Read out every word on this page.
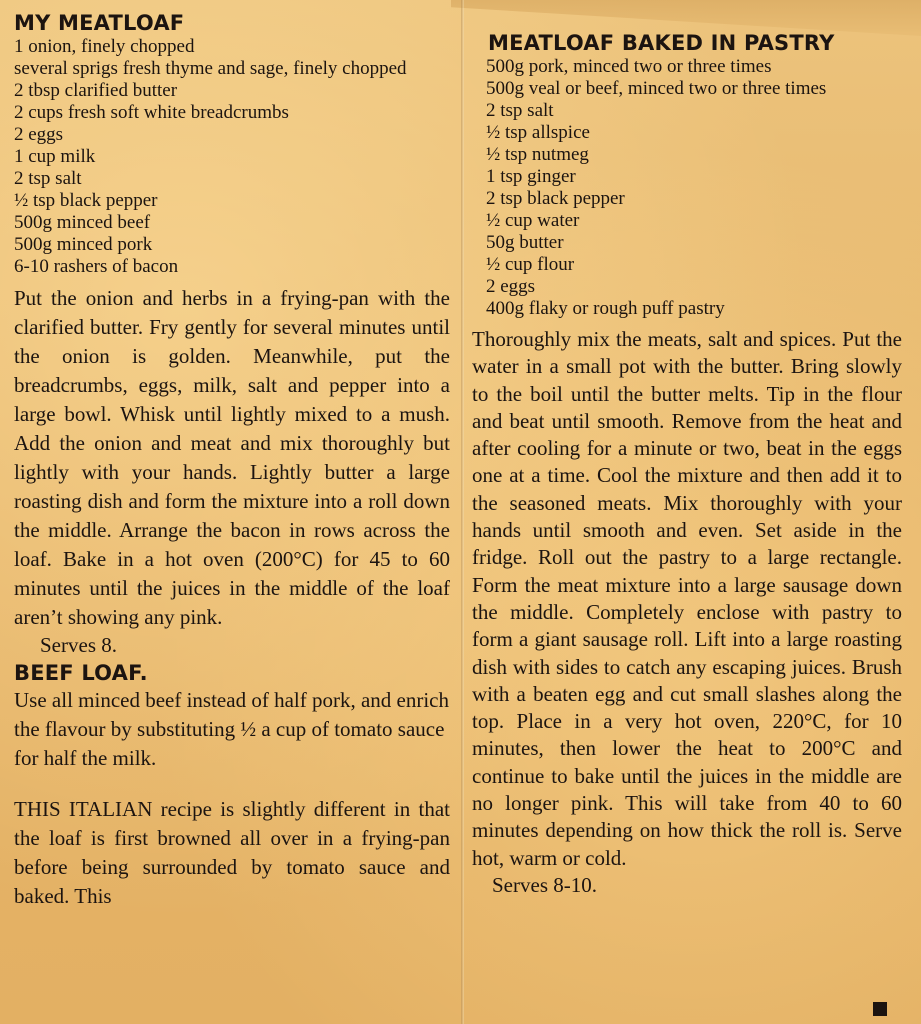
MY MEATLOAF
1 onion, finely chopped
several sprigs fresh thyme and sage, finely chopped
2 tbsp clarified butter
2 cups fresh soft white breadcrumbs
2 eggs
1 cup milk
2 tsp salt
½ tsp black pepper
500g minced beef
500g minced pork
6-10 rashers of bacon

Put the onion and herbs in a frying-pan with the clarified butter. Fry gently for several minutes until the onion is golden. Meanwhile, put the breadcrumbs, eggs, milk, salt and pepper into a large bowl. Whisk until lightly mixed to a mush. Add the onion and meat and mix thoroughly but lightly with your hands. Lightly butter a large roasting dish and form the mixture into a roll down the middle. Arrange the bacon in rows across the loaf. Bake in a hot oven (200°C) for 45 to 60 minutes until the juices in the middle of the loaf aren’t showing any pink.

Serves 8.

BEEF LOAF.

Use all minced beef instead of half pork, and enrich the flavour by substituting ½ a cup of tomato sauce for half the milk.

THIS ITALIAN recipe is slightly different in that the loaf is first browned all over in a frying-pan before being surrounded by tomato sauce and baked. This

MEATLOAF BAKED IN PASTRY
500g pork, minced two or three times
500g veal or beef, minced two or three times
2 tsp salt
½ tsp allspice
½ tsp nutmeg
1 tsp ginger
2 tsp black pepper
½ cup water
50g butter
½ cup flour
2 eggs
400g flaky or rough puff pastry

Thoroughly mix the meats, salt and spices. Put the water in a small pot with the butter. Bring slowly to the boil until the butter melts. Tip in the flour and beat until smooth. Remove from the heat and after cooling for a minute or two, beat in the eggs one at a time. Cool the mixture and then add it to the seasoned meats. Mix thoroughly with your hands until smooth and even. Set aside in the fridge. Roll out the pastry to a large rectangle. Form the meat mixture into a large sausage down the middle. Completely enclose with pastry to form a giant sausage roll. Lift into a large roasting dish with sides to catch any escaping juices. Brush with a beaten egg and cut small slashes along the top. Place in a very hot oven, 220°C, for 10 minutes, then lower the heat to 200°C and continue to bake until the juices in the middle are no longer pink. This will take from 40 to 60 minutes depending on how thick the roll is. Serve hot, warm or cold.

Serves 8-10.
